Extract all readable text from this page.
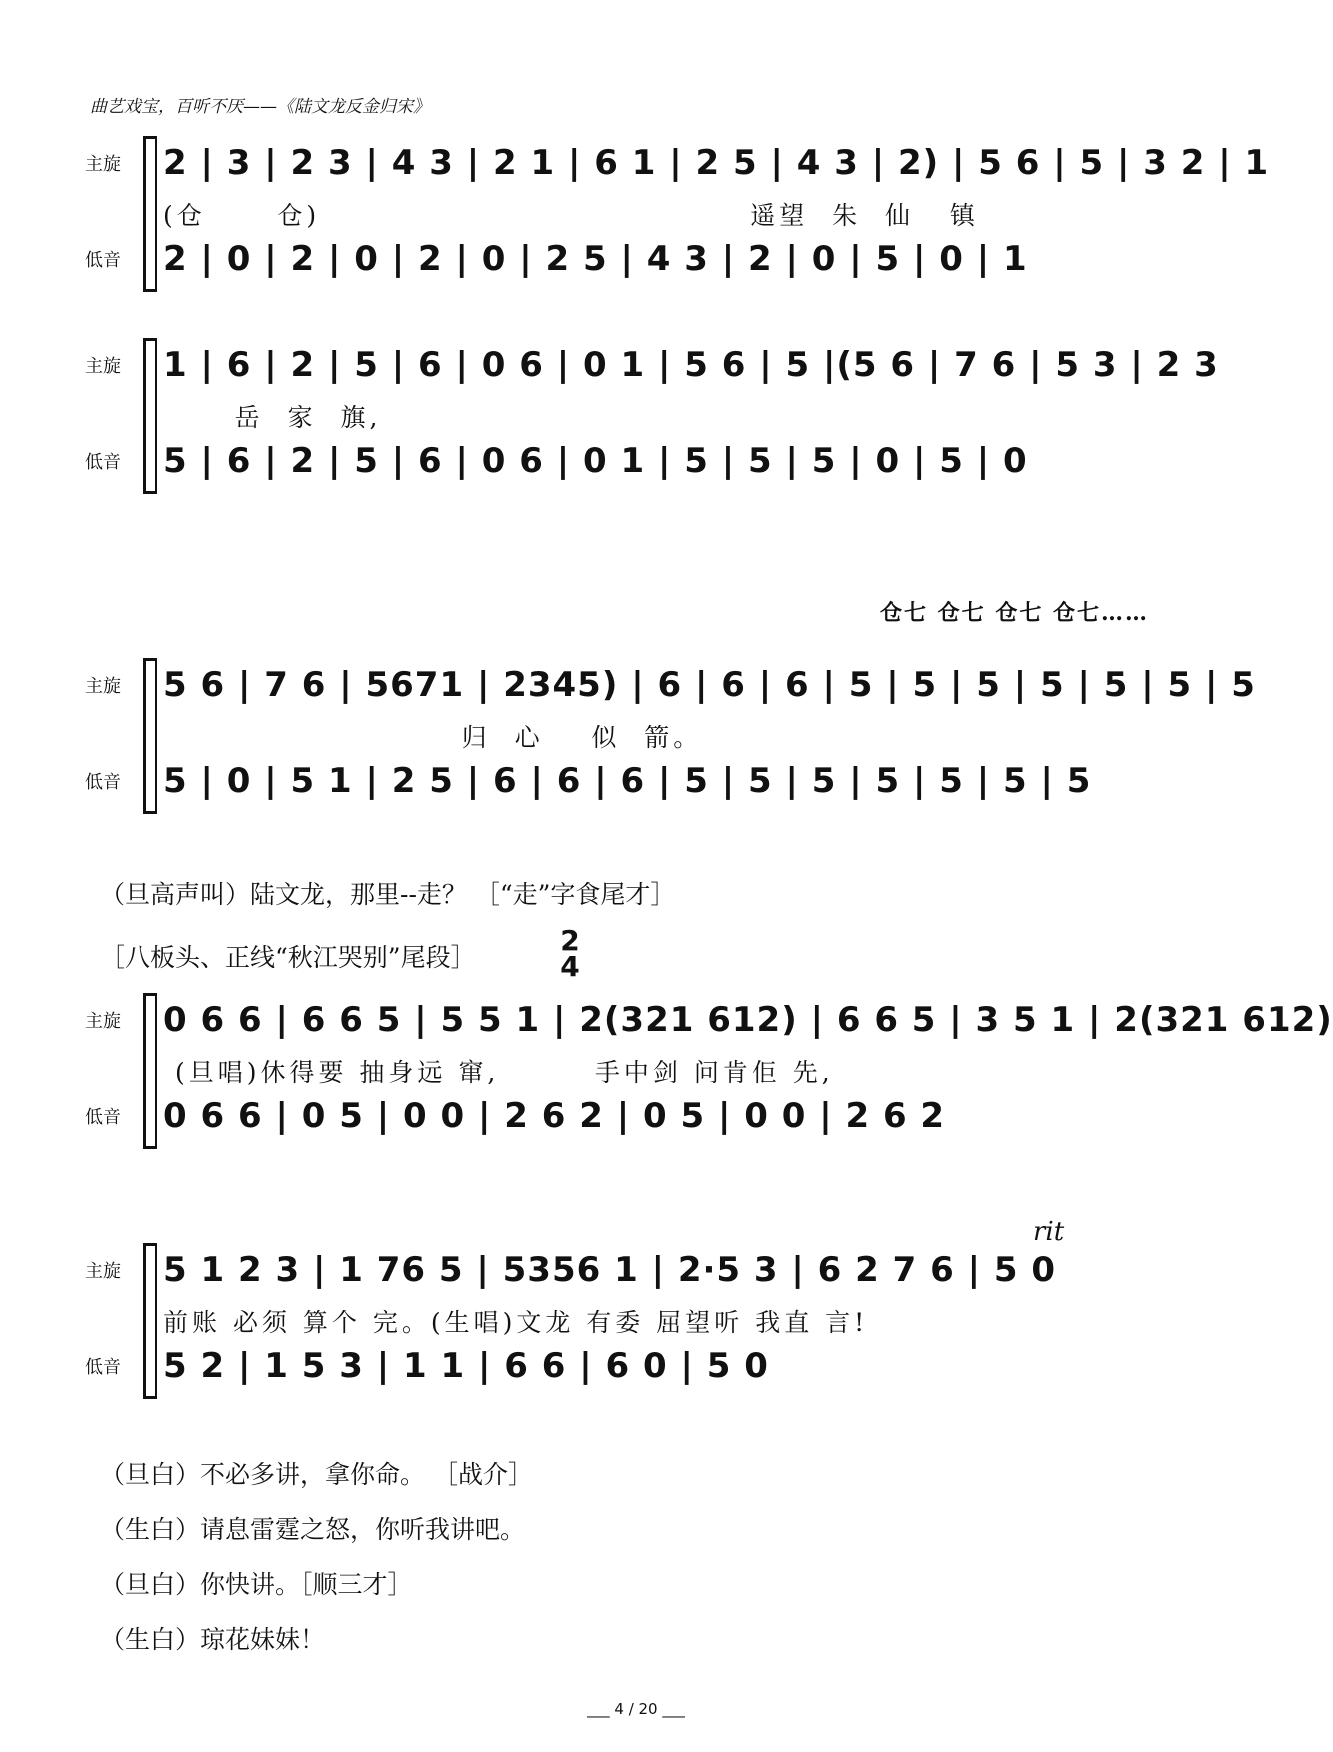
曲艺戏宝，百听不厌——《陆文龙反金归宋》
主旋
低音
2 | 3 | 2 3 | 4 3 | 2 1 | 6 1 | 2 5 | 4 3 | 2) | 5 6 | 5 | 3 2 | 1
(仓      仓)                                    遥望  朱  仙   镇
2 | 0 | 2 | 0 | 2 | 0 | 2 5 | 4 3 | 2 | 0 | 5 | 0 | 1
主旋
低音
1 | 6 | 2 | 5 | 6 | 0 6 | 0 1 | 5 6 | 5 |(5 6 | 7 6 | 5 3 | 2 3
岳  家  旗,
5 | 6 | 2 | 5 | 6 | 0 6 | 0 1 | 5 | 5 | 5 | 0 | 5 | 0
仓七 仓七 仓七 仓七……
主旋
低音
5 6 | 7 6 | 5671 | 2345) | 6 | 6 | 6 | 5 | 5 | 5 | 5 | 5 | 5 | 5
归  心    似  箭。
5 | 0 | 5 1 | 2 5 | 6 | 6 | 6 | 5 | 5 | 5 | 5 | 5 | 5 | 5
（旦高声叫）陆文龙，那里--走？ ［“走”字食尾才］
［八板头、正线“秋江哭别”尾段］
2
4
主旋
低音
0 6 6 | 6 6 5 | 5 5 1 | 2(321 612) | 6 6 5 | 3 5 1 | 2(321 612)
(旦唱)休得要 抽身远 窜,        手中剑 问肯佢 先,
0 6 6 | 0 5 | 0 0 | 2 6 2 | 0 5 | 0 0 | 2 6 2
主旋
低音
rit
5 1 2 3 | 1 76 5 | 5356 1 | 2·5 3 | 6 2 7 6 | 5 0
前账 必须 算个 完。(生唱)文龙 有委 屈望听 我直 言!
5 2 | 1 5 3 | 1 1 | 6 6 | 6 0 | 5 0
（旦白）不必多讲，拿你命。 ［战介］
（生白）请息雷霆之怒，你听我讲吧。
（旦白）你快讲。［顺三才］
（生白）琼花妹妹！
___ 4 / 20 ___
